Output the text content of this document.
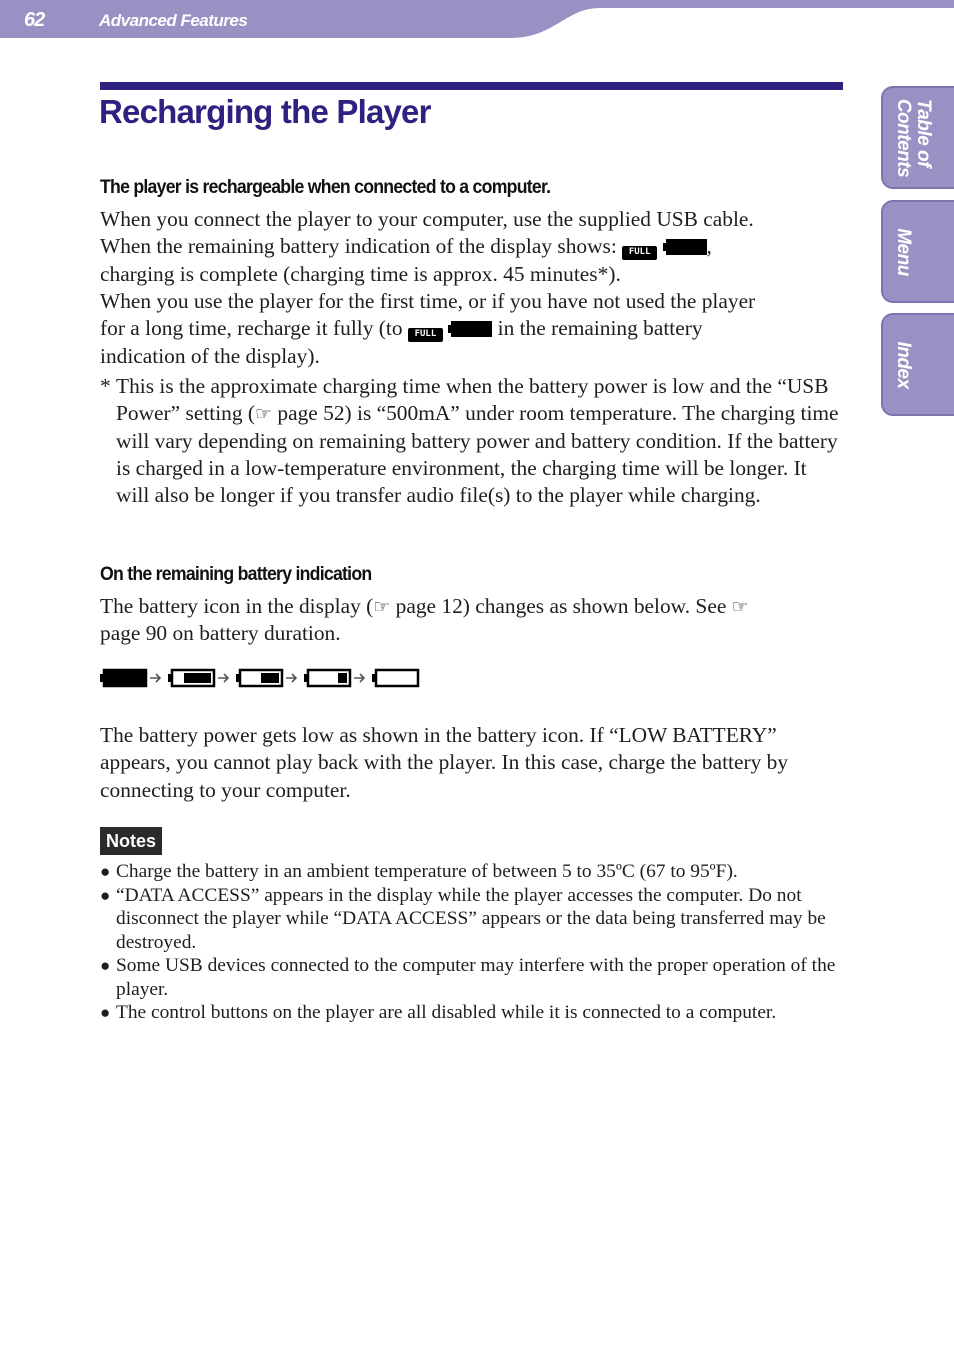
62	Advanced Features
Table of
Contents
Menu
Index
Recharging the Player
The player is rechargeable when connected to a computer.
When you connect the player to your computer, use the supplied USB cable.
When the remaining battery indication of the display shows: FULL	,
charging is complete (charging time is approx. 45 minutes*).
When you use the player for the first time, or if you have not used the player
for a long time, recharge it fully (to FULL	in the remaining battery
indication of the display).
* This is the approximate charging time when the battery power is low and the “USB Power” setting (☞ page 52) is “500mA” under room temperature. The charging time will vary depending on remaining battery power and battery condition. If the battery is charged in a low-temperature environment, the charging time will be longer. It will also be longer if you transfer audio file(s) to the player while charging.
On the remaining battery indication
The battery icon in the display (☞ page 12) changes as shown below. See ☞
page 90 on battery duration.
The battery power gets low as shown in the battery icon. If “LOW BATTERY” appears, you cannot play back with the player. In this case, charge the battery by connecting to your computer.
Notes
● Charge the battery in an ambient temperature of between 5 to 35ºC (67 to 95ºF).
● “DATA ACCESS” appears in the display while the player accesses the computer. Do not disconnect the player while “DATA ACCESS” appears or the data being transferred may be destroyed.
● Some USB devices connected to the computer may interfere with the proper operation of the player.
● The control buttons on the player are all disabled while it is connected to a computer.
